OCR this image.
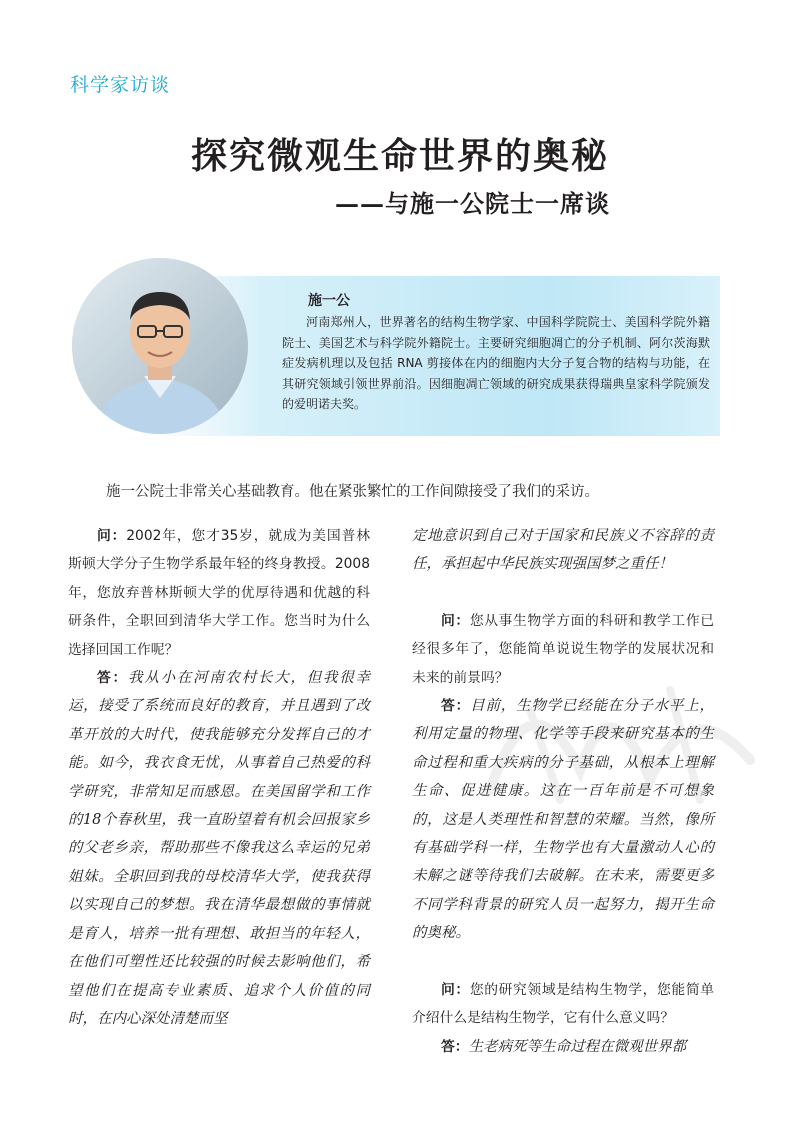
科学家访谈
探究微观生命世界的奥秘
——与施一公院士一席谈
施一公

河南郑州人，世界著名的结构生物学家、中国科学院院士、美国科学院外籍院士、美国艺术与科学院外籍院士。主要研究细胞凋亡的分子机制、阿尔茨海默症发病机理以及包括 RNA 剪接体在内的细胞内大分子复合物的结构与功能，在其研究领域引领世界前沿。因细胞凋亡领域的研究成果获得瑞典皇家科学院颁发的爱明诺夫奖。

施一公院士非常关心基础教育。他在紧张繁忙的工作间隙接受了我们的采访。

问：2002年，您才35岁，就成为美国普林斯顿大学分子生物学系最年轻的终身教授。2008年，您放弃普林斯顿大学的优厚待遇和优越的科研条件，全职回到清华大学工作。您当时为什么选择回国工作呢？

答：我从小在河南农村长大，但我很幸运，接受了系统而良好的教育，并且遇到了改革开放的大时代，使我能够充分发挥自己的才能。如今，我衣食无忧，从事着自己热爱的科学研究，非常知足而感恩。在美国留学和工作的18个春秋里，我一直盼望着有机会回报家乡的父老乡亲，帮助那些不像我这么幸运的兄弟姐妹。全职回到我的母校清华大学，使我获得以实现自己的梦想。我在清华最想做的事情就是育人，培养一批有理想、敢担当的年轻人，在他们可塑性还比较强的时候去影响他们，希望他们在提高专业素质、追求个人价值的同时，在内心深处清楚而坚

定地意识到自己对于国家和民族义不容辞的责任，承担起中华民族实现强国梦之重任！

问：您从事生物学方面的科研和教学工作已经很多年了，您能简单说说生物学的发展状况和未来的前景吗？

答：目前，生物学已经能在分子水平上，利用定量的物理、化学等手段来研究基本的生命过程和重大疾病的分子基础，从根本上理解生命、促进健康。这在一百年前是不可想象的，这是人类理性和智慧的荣耀。当然，像所有基础学科一样，生物学也有大量激动人心的未解之谜等待我们去破解。在未来，需要更多不同学科背景的研究人员一起努力，揭开生命的奥秘。

问：您的研究领域是结构生物学，您能简单介绍什么是结构生物学，它有什么意义吗？

答：生老病死等生命过程在微观世界都
